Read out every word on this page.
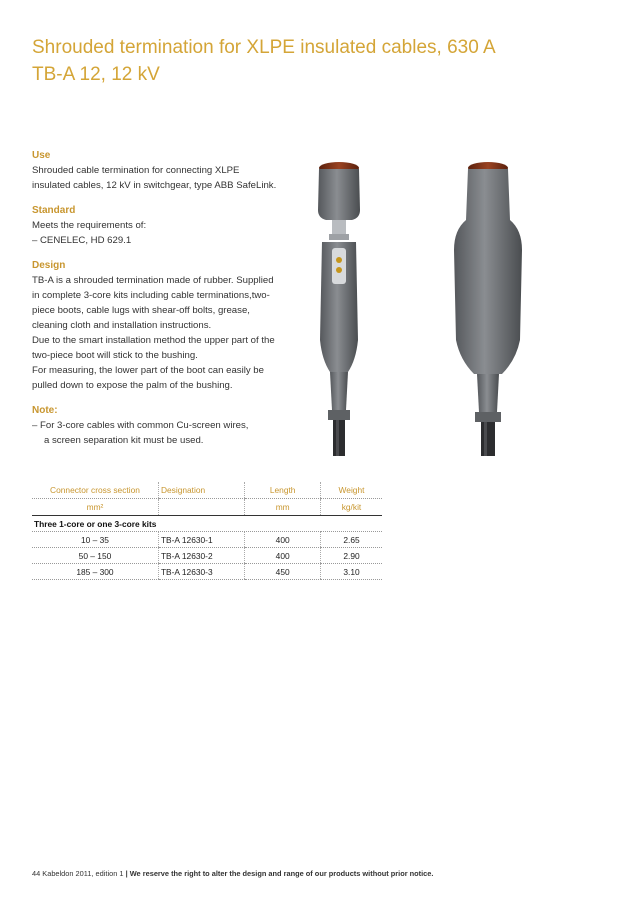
Shrouded termination for XLPE insulated cables, 630 A
TB-A 12, 12 kV
Use
Shrouded cable termination for connecting XLPE
insulated cables, 12 kV in switchgear, type ABB SafeLink.
Standard
Meets the requirements of:
– CENELEC, HD 629.1
Design
TB-A is a shrouded termination made of rubber. Supplied
in complete 3-core kits including cable terminations,two-
piece boots, cable lugs with shear-off bolts, grease,
cleaning cloth and installation instructions.
Due to the smart installation method the upper part of the
two-piece boot will stick to the bushing.
For measuring, the lower part of the boot can easily be
pulled down to expose the palm of the bushing.
Note:
– For 3-core cables with common Cu-screen wires,
a screen separation kit must be used.
Connector cross section	Designation	Length	Weight
mm²		mm	kg/kit
Three 1-core or one 3-core kits			
10 – 35	TB-A 12630-1	400	2.65
50 – 150	TB-A 12630-2	400	2.90
185 – 300	TB-A 12630-3	450	3.10
44 Kabeldon 2011, edition 1 | We reserve the right to alter the design and range of our products without prior notice.
